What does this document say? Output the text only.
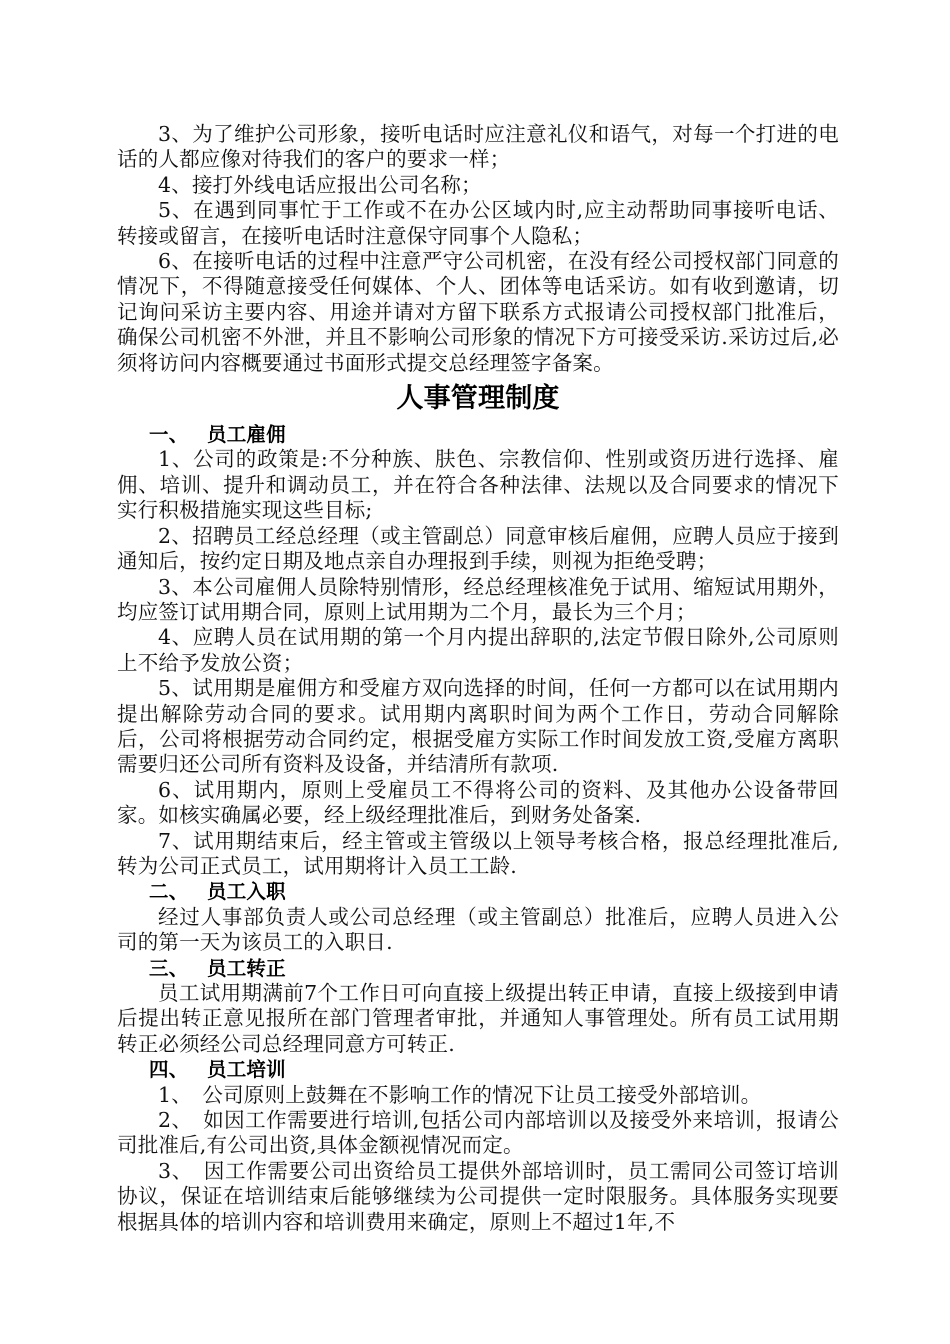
3、为了维护公司形象，接听电话时应注意礼仪和语气，对每一个打进的电话的人都应像对待我们的客户的要求一样；

4、接打外线电话应报出公司名称；

5、在遇到同事忙于工作或不在办公区域内时,应主动帮助同事接听电话、转接或留言，在接听电话时注意保守同事个人隐私；

6、在接听电话的过程中注意严守公司机密，在没有经公司授权部门同意的情况下，不得随意接受任何媒体、个人、团体等电话采访。如有收到邀请，切记询问采访主要内容、用途并请对方留下联系方式报请公司授权部门批准后，确保公司机密不外泄，并且不影响公司形象的情况下方可接受采访.采访过后,必须将访问内容概要通过书面形式提交总经理签字备案。

人事管理制度
一、 员工雇佣

1、公司的政策是:不分种族、肤色、宗教信仰、性别或资历进行选择、雇佣、培训、提升和调动员工，并在符合各种法律、法规以及合同要求的情况下实行积极措施实现这些目标;

2、招聘员工经总经理（或主管副总）同意审核后雇佣，应聘人员应于接到通知后，按约定日期及地点亲自办理报到手续，则视为拒绝受聘；

3、本公司雇佣人员除特别情形，经总经理核准免于试用、缩短试用期外，均应签订试用期合同，原则上试用期为二个月，最长为三个月；

4、应聘人员在试用期的第一个月内提出辞职的,法定节假日除外,公司原则上不给予发放公资；

5、试用期是雇佣方和受雇方双向选择的时间，任何一方都可以在试用期内提出解除劳动合同的要求。试用期内离职时间为两个工作日，劳动合同解除后，公司将根据劳动合同约定，根据受雇方实际工作时间发放工资,受雇方离职需要归还公司所有资料及设备，并结清所有款项.

6、试用期内，原则上受雇员工不得将公司的资料、及其他办公设备带回家。如核实确属必要，经上级经理批准后，到财务处备案.

7、试用期结束后，经主管或主管级以上领导考核合格，报总经理批准后,转为公司正式员工，试用期将计入员工工龄.

二、 员工入职

经过人事部负责人或公司总经理（或主管副总）批准后，应聘人员进入公司的第一天为该员工的入职日.

三、 员工转正

员工试用期满前7个工作日可向直接上级提出转正申请，直接上级接到申请后提出转正意见报所在部门管理者审批，并通知人事管理处。所有员工试用期转正必须经公司总经理同意方可转正.

四、 员工培训

1、　公司原则上鼓舞在不影响工作的情况下让员工接受外部培训。

2、　如因工作需要进行培训,包括公司内部培训以及接受外来培训，报请公司批准后,有公司出资,具体金额视情况而定。

3、　因工作需要公司出资给员工提供外部培训时，员工需同公司签订培训协议，保证在培训结束后能够继续为公司提供一定时限服务。具体服务实现要根据具体的培训内容和培训费用来确定，原则上不超过1年,不
